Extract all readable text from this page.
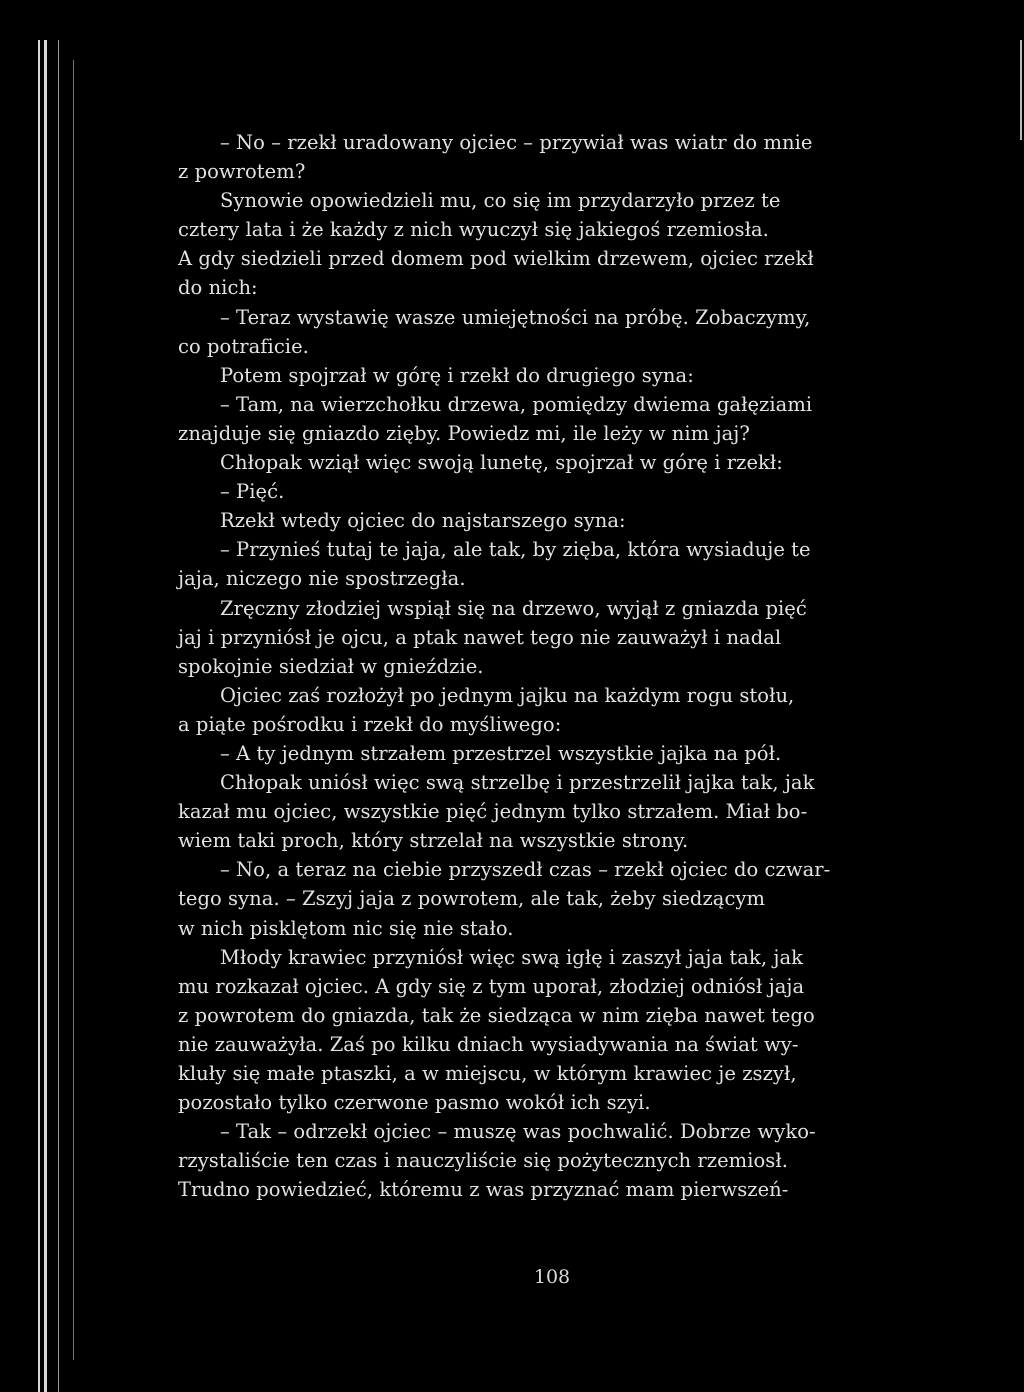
– No – rzekł uradowany ojciec – przywiał was wiatr do mnie
z powrotem?
Synowie opowiedzieli mu, co się im przydarzyło przez te
cztery lata i że każdy z nich wyuczył się jakiegoś rzemiosła.
A gdy siedzieli przed domem pod wielkim drzewem, ojciec rzekł
do nich:
– Teraz wystawię wasze umiejętności na próbę. Zobaczymy,
co potraficie.
Potem spojrzał w górę i rzekł do drugiego syna:
– Tam, na wierzchołku drzewa, pomiędzy dwiema gałęziami
znajduje się gniazdo zięby. Powiedz mi, ile leży w nim jaj?
Chłopak wziął więc swoją lunetę, spojrzał w górę i rzekł:
– Pięć.
Rzekł wtedy ojciec do najstarszego syna:
– Przynieś tutaj te jaja, ale tak, by zięba, która wysiaduje te
jaja, niczego nie spostrzegła.
Zręczny złodziej wspiął się na drzewo, wyjął z gniazda pięć
jaj i przyniósł je ojcu, a ptak nawet tego nie zauważył i nadal
spokojnie siedział w gnieździe.
Ojciec zaś rozłożył po jednym jajku na każdym rogu stołu,
a piąte pośrodku i rzekł do myśliwego:
– A ty jednym strzałem przestrzel wszystkie jajka na pół.
Chłopak uniósł więc swą strzelbę i przestrzelił jajka tak, jak
kazał mu ojciec, wszystkie pięć jednym tylko strzałem. Miał bo-
wiem taki proch, który strzelał na wszystkie strony.
– No, a teraz na ciebie przyszedł czas – rzekł ojciec do czwar-
tego syna. – Zszyj jaja z powrotem, ale tak, żeby siedzącym
w nich pisklętom nic się nie stało.
Młody krawiec przyniósł więc swą igłę i zaszył jaja tak, jak
mu rozkazał ojciec. A gdy się z tym uporał, złodziej odniósł jaja
z powrotem do gniazda, tak że siedząca w nim zięba nawet tego
nie zauważyła. Zaś po kilku dniach wysiadywania na świat wy-
kluły się małe ptaszki, a w miejscu, w którym krawiec je zszył,
pozostało tylko czerwone pasmo wokół ich szyi.
– Tak – odrzekł ojciec – muszę was pochwalić. Dobrze wyko-
rzystaliście ten czas i nauczyliście się pożytecznych rzemiosł.
Trudno powiedzieć, któremu z was przyznać mam pierwszeń-
108
